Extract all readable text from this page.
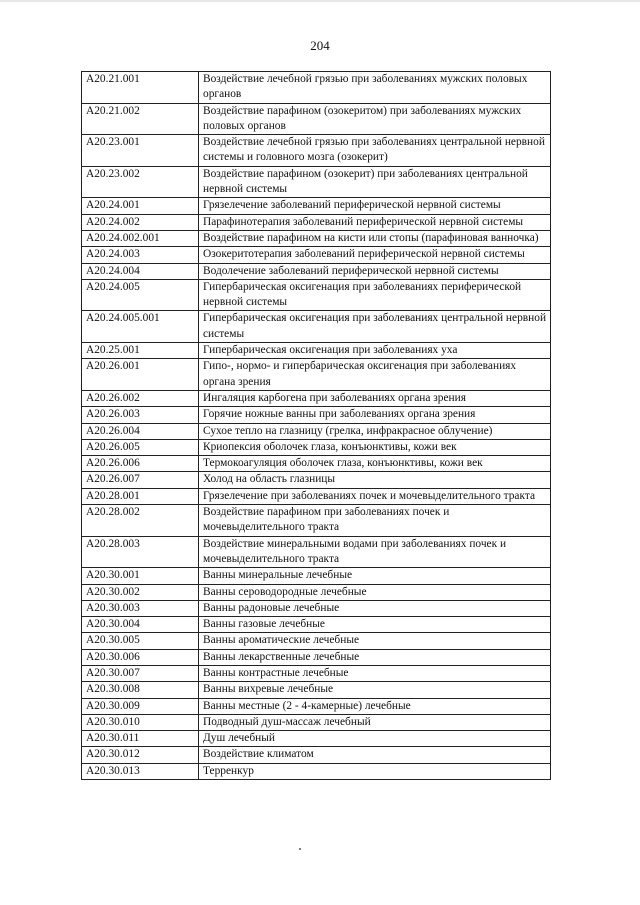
204
A20.21.001	Воздействие лечебной грязью при заболеваниях мужских половых органов
A20.21.002	Воздействие парафином (озокеритом) при заболеваниях мужских половых органов
A20.23.001	Воздействие лечебной грязью при заболеваниях центральной нервной системы и головного мозга (озокерит)
A20.23.002	Воздействие парафином (озокерит) при заболеваниях центральной нервной системы
A20.24.001	Грязелечение заболеваний периферической нервной системы
A20.24.002	Парафинотерапия заболеваний периферической нервной системы
A20.24.002.001	Воздействие парафином на кисти или стопы (парафиновая ванночка)
A20.24.003	Озокеритотерапия заболеваний периферической нервной системы
A20.24.004	Водолечение заболеваний периферической нервной системы
A20.24.005	Гипербарическая оксигенация при заболеваниях периферической нервной системы
A20.24.005.001	Гипербарическая оксигенация при заболеваниях центральной нервной системы
A20.25.001	Гипербарическая оксигенация при заболеваниях уха
A20.26.001	Гипо-, нормо- и гипербарическая оксигенация при заболеваниях органа зрения
A20.26.002	Ингаляция карбогена при заболеваниях органа зрения
A20.26.003	Горячие ножные ванны при заболеваниях органа зрения
A20.26.004	Сухое тепло на глазницу (грелка, инфракрасное облучение)
A20.26.005	Криопексия оболочек глаза, конъюнктивы, кожи век
A20.26.006	Термокоагуляция оболочек глаза, конъюнктивы, кожи век
A20.26.007	Холод на область глазницы
A20.28.001	Грязелечение при заболеваниях почек и мочевыделительного тракта
A20.28.002	Воздействие парафином при заболеваниях почек и мочевыделительного тракта
A20.28.003	Воздействие минеральными водами при заболеваниях почек и мочевыделительного тракта
A20.30.001	Ванны минеральные лечебные
A20.30.002	Ванны сероводородные лечебные
A20.30.003	Ванны радоновые лечебные
A20.30.004	Ванны газовые лечебные
A20.30.005	Ванны ароматические лечебные
A20.30.006	Ванны лекарственные лечебные
A20.30.007	Ванны контрастные лечебные
A20.30.008	Ванны вихревые лечебные
A20.30.009	Ванны местные (2 - 4-камерные) лечебные
A20.30.010	Подводный душ-массаж лечебный
A20.30.011	Душ лечебный
A20.30.012	Воздействие климатом
A20.30.013	Терренкур
